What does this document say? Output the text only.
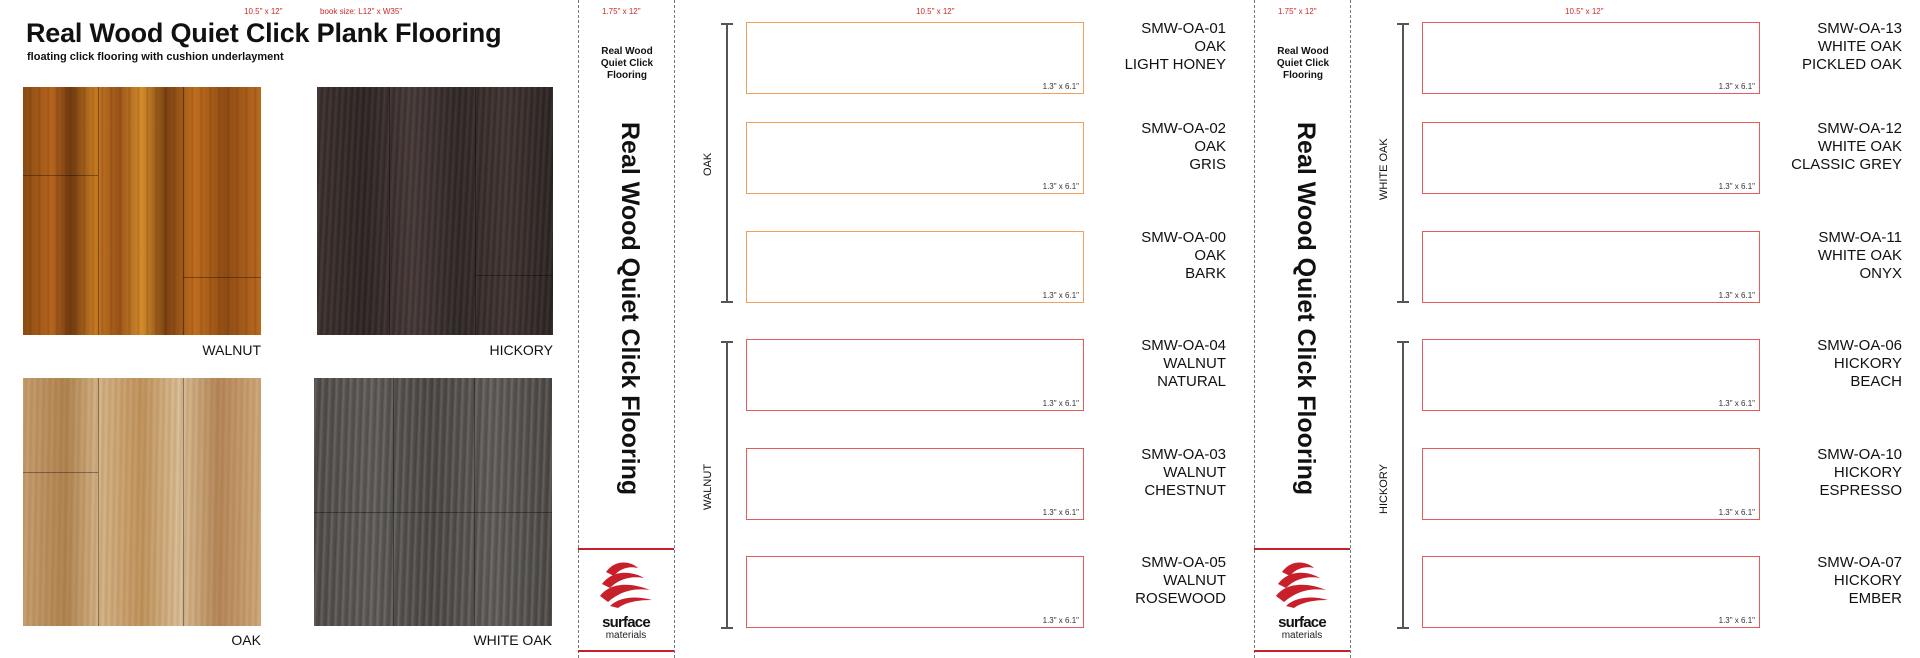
10.5" x 12"	book size: L12" x W35"
Real Wood Quiet Click Plank Flooring
floating click flooring with cushion underlayment
WALNUT	HICKORY
OAK	WHITE OAK
1.75" x 12"
Real Wood Quiet Click Flooring
Real Wood Quiet Click Flooring
surface
materials
10.5" x 12"
OAK
WALNUT
1.3" x 6.1"
1.3" x 6.1"
1.3" x 6.1"
1.3" x 6.1"
1.3" x 6.1"
1.3" x 6.1"
SMW-OA-01
OAK
LIGHT HONEY
SMW-OA-02
OAK
GRIS
SMW-OA-00
OAK
BARK
SMW-OA-04
WALNUT
NATURAL
SMW-OA-03
WALNUT
CHESTNUT
SMW-OA-05
WALNUT
ROSEWOOD
1.75" x 12"
Real Wood Quiet Click Flooring
Real Wood Quiet Click Flooring
surface
materials
10.5" x 12"
WHITE OAK
HICKORY
1.3" x 6.1"
1.3" x 6.1"
1.3" x 6.1"
1.3" x 6.1"
1.3" x 6.1"
1.3" x 6.1"
SMW-OA-13
WHITE OAK
PICKLED OAK
SMW-OA-12
WHITE OAK
CLASSIC GREY
SMW-OA-11
WHITE OAK
ONYX
SMW-OA-06
HICKORY
BEACH
SMW-OA-10
HICKORY
ESPRESSO
SMW-OA-07
HICKORY
EMBER
